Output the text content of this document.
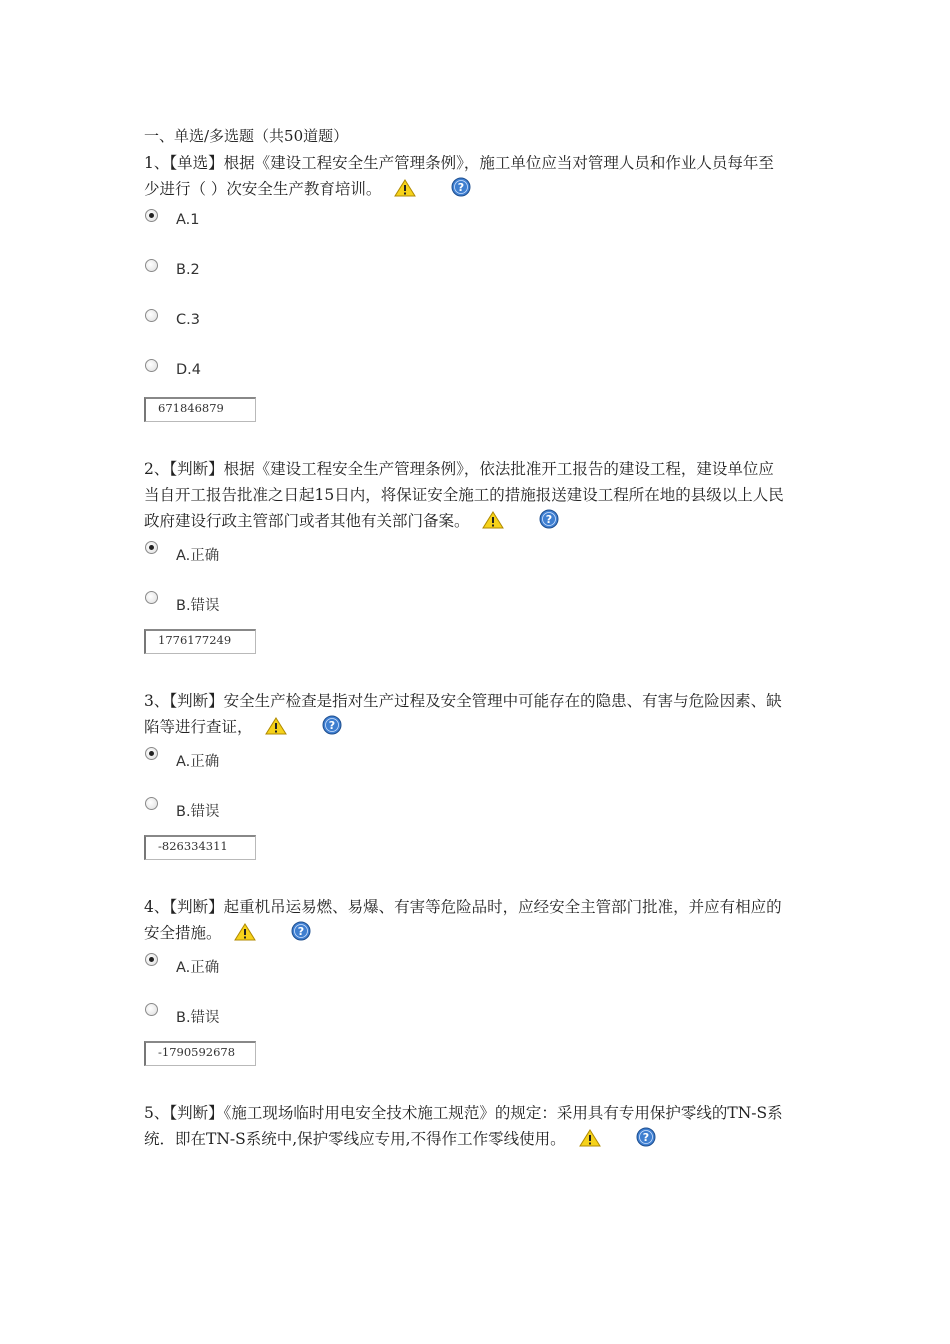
一、单选/多选题（共50道题）

1、【单选】根据《建设工程安全生产管理条例》，施工单位应当对管理人员和作业人员每年至少进行（ ）次安全生产教育培训。	?

A.1
B.2
C.3
D.4
671846879

2、【判断】根据《建设工程安全生产管理条例》，依法批准开工报告的建设工程，建设单位应当自开工报告批准之日起15日内，将保证安全施工的措施报送建设工程所在地的县级以上人民政府建设行政主管部门或者其他有关部门备案。	?

A.正确
B.错误
1776177249

3、【判断】安全生产检查是指对生产过程及安全管理中可能存在的隐患、有害与危险因素、缺陷等进行查证，	?

A.正确
B.错误
-826334311

4、【判断】起重机吊运易燃、易爆、有害等危险品时，应经安全主管部门批准，并应有相应的安全措施。	?

A.正确
B.错误
-1790592678

5、【判断】《施工现场临时用电安全技术施工规范》的规定：采用具有专用保护零线的TN-S系统．即在TN-S系统中,保护零线应专用,不得作工作零线使用。	?
